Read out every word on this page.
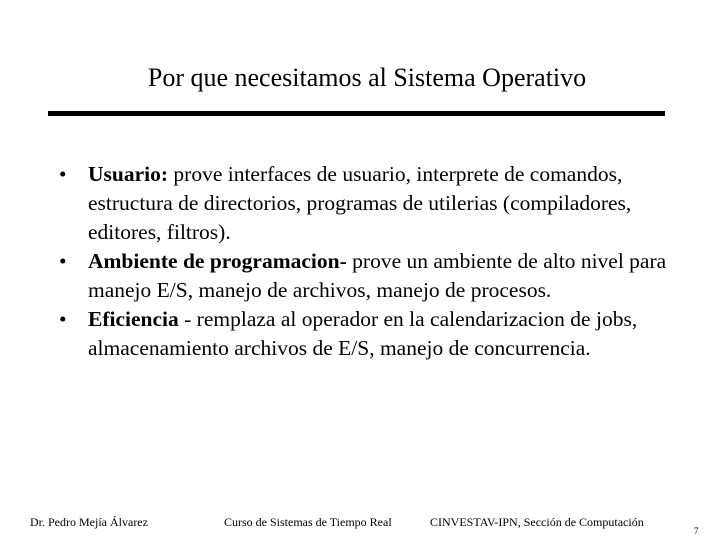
Por que necesitamos al Sistema Operativo
• Usuario: prove interfaces de usuario, interprete de comandos, estructura de directorios, programas de utilerias (compiladores, editores, filtros).
• Ambiente de programacion- prove un ambiente de alto nivel para manejo E/S, manejo de archivos, manejo de procesos.
• Eficiencia - remplaza al operador en la calendarizacion de jobs, almacenamiento archivos de E/S, manejo de concurrencia.
Dr. Pedro Mejía Álvarez	Curso de Sistemas de Tiempo Real	CINVESTAV-IPN, Sección de Computación
7
